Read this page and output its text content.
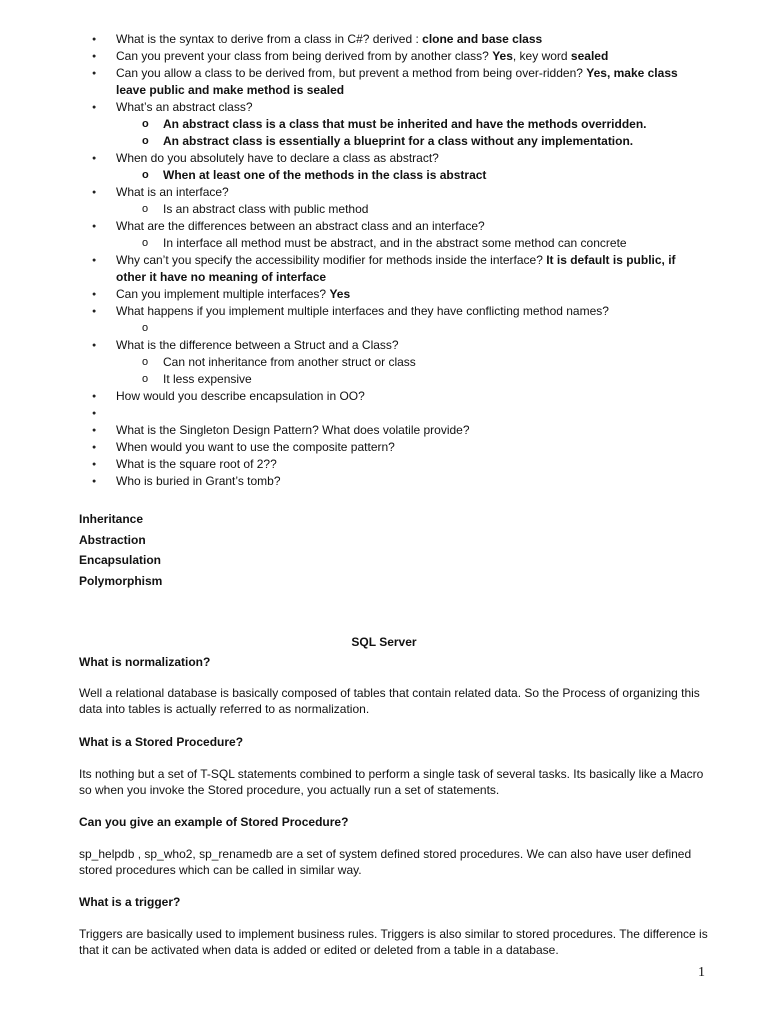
● What is the syntax to derive from a class in C#? derived : clone and base class
● Can you prevent your class from being derived from by another class? Yes, key word sealed
● Can you allow a class to be derived from, but prevent a method from being over-ridden? Yes, make class leave public and make method is sealed
● What’s an abstract class?
o An abstract class is a class that must be inherited and have the methods overridden.
o An abstract class is essentially a blueprint for a class without any implementation.
● When do you absolutely have to declare a class as abstract?
o When at least one of the methods in the class is abstract
● What is an interface?
o Is an abstract class with public method
● What are the differences between an abstract class and an interface?
o In interface all method must be abstract, and in the abstract some method can concrete
● Why can’t you specify the accessibility modifier for methods inside the interface? It is default is public, if other it have no meaning of interface
● Can you implement multiple interfaces? Yes
● What happens if you implement multiple interfaces and they have conflicting method names?
o
● What is the difference between a Struct and a Class?
o Can not inheritance from another struct or class
o It less expensive
● How would you describe encapsulation in OO?
●
● What is the Singleton Design Pattern? What does volatile provide?
● When would you want to use the composite pattern?
● What is the square root of 2??
● Who is buried in Grant’s tomb?
Inheritance
Abstraction
Encapsulation
Polymorphism
SQL Server
What is normalization?
Well a relational database is basically composed of tables that contain related data. So the Process of organizing this data into tables is actually referred to as normalization.
What is a Stored Procedure?
Its nothing but a set of T-SQL statements combined to perform a single task of several tasks. Its basically like a Macro so when you invoke the Stored procedure, you actually run a set of statements.
Can you give an example of Stored Procedure?
sp_helpdb , sp_who2, sp_renamedb are a set of system defined stored procedures. We can also have user defined stored procedures which can be called in similar way.
What is a trigger?
Triggers are basically used to implement business rules. Triggers is also similar to stored procedures. The difference is that it can be activated when data is added or edited or deleted from a table in a database.
1
